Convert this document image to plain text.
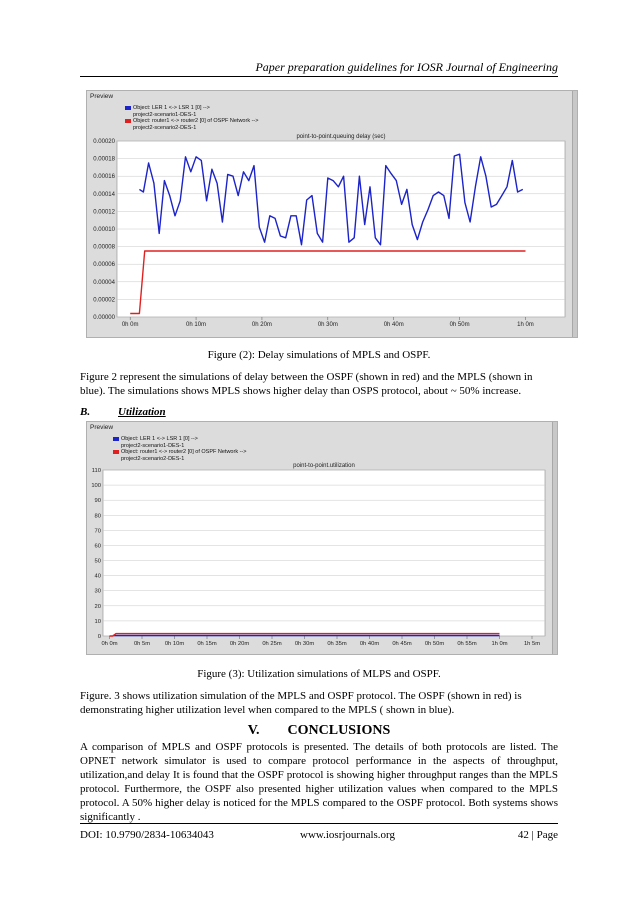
Paper preparation guidelines for IOSR Journal of Engineering
Preview
Object: LER 1 <-> LSR 1 [0] -->
project2-scenario1-DES-1
Object: router1 <-> router2 [0] of OSPF Network -->
project2-scenario2-DES-1
point-to-point.queuing delay (sec)
0.00000
0.00002
0.00004
0.00006
0.00008
0.00010
0.00012
0.00014
0.00016
0.00018
0.00020
0h 0m	0h 10m	0h 20m	0h 30m	0h 40m	0h 50m	1h 0m
Figure (2): Delay simulations of MPLS and OSPF.
Figure 2 represent the simulations of delay between the OSPF (shown in red) and the MPLS (shown in blue). The simulations shows MPLS shows higher delay than OSPS protocol, about ~ 50% increase.
B.	Utilization
Preview
Object: LER 1 <-> LSR 1 [0] -->
project2-scenario1-DES-1
Object: router1 <-> router2 [0] of OSPF Network -->
project2-scenario2-DES-1
point-to-point.utilization
0
10
20
30
40
50
60
70
80
90
100
110
0h 0m	0h 5m	0h 10m 0h 15m 0h 20m 0h 25m 0h 30m 0h 35m 0h 40m 0h 45m 0h 50m 0h 55m	1h 0m	1h 5m
Figure (3): Utilization simulations of MLPS and OSPF.
Figure. 3 shows utilization simulation of the MPLS and OSPF protocol. The OSPF (shown in red) is demonstrating higher utilization level when compared to the MPLS ( shown in blue).
V. CONCLUSIONS
A comparison of MPLS and OSPF protocols is presented. The details of both protocols are listed. The OPNET network simulator is used to compare protocol performance in the aspects of throughput, utilization,and delay It is found that the OSPF protocol is showing higher throughput ranges than the MPLS protocol. Furthermore, the OSPF also presented higher utilization values when compared to the MPLS protocol. A 50% higher delay is noticed for the MPLS compared to the OSPF protocol. Both systems shows significantly .
DOI: 10.9790/2834-10634043	www.iosrjournals.org	42 | Page
